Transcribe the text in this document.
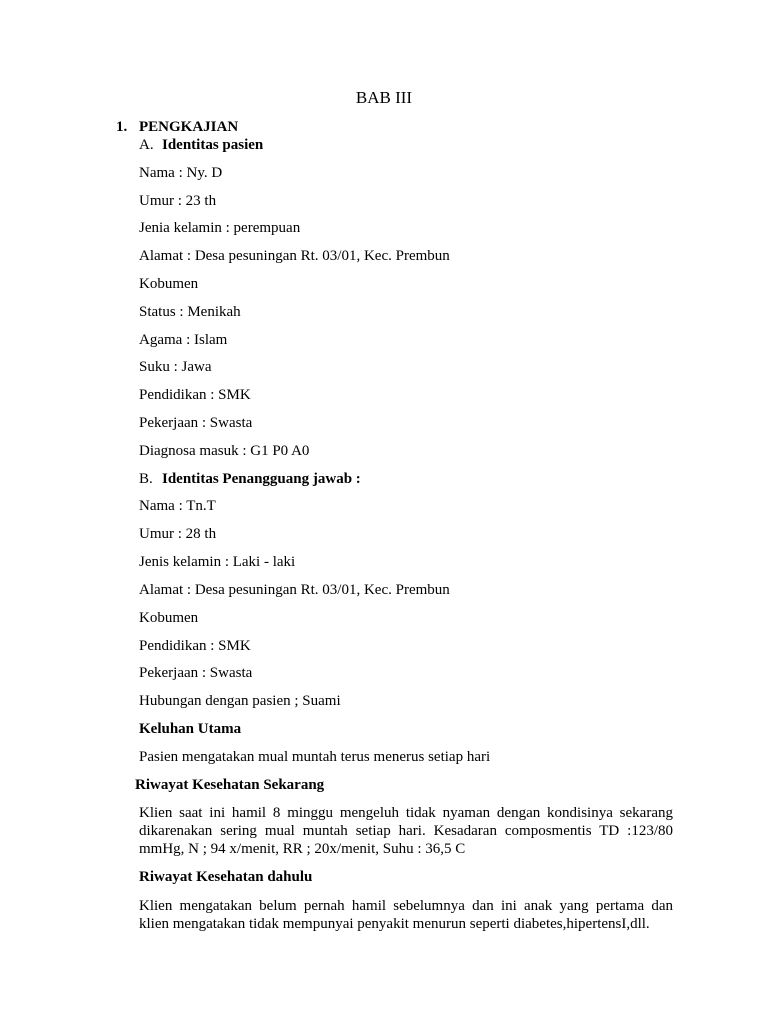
BAB III
1. PENGKAJIAN
A. Identitas pasien
Nama : Ny. D
Umur : 23 th
Jenia kelamin : perempuan
Alamat : Desa pesuningan Rt. 03/01, Kec. Prembun
Kobumen
Status : Menikah
Agama : Islam
Suku : Jawa
Pendidikan : SMK
Pekerjaan : Swasta
Diagnosa masuk : G1 P0 A0
B. Identitas Penangguang jawab :
Nama : Tn.T
Umur : 28 th
Jenis kelamin : Laki - laki
Alamat : Desa pesuningan Rt. 03/01, Kec. Prembun
Kobumen
Pendidikan : SMK
Pekerjaan : Swasta
Hubungan dengan pasien ; Suami
Keluhan Utama
Pasien mengatakan mual muntah terus menerus setiap hari
Riwayat Kesehatan Sekarang
Klien saat ini hamil 8 minggu mengeluh tidak nyaman dengan kondisinya sekarang
dikarenakan sering mual muntah setiap hari. Kesadaran composmentis TD :123/80
mmHg, N ; 94 x/menit, RR ; 20x/menit, Suhu : 36,5 C
Riwayat Kesehatan dahulu
Klien mengatakan belum pernah hamil sebelumnya dan ini anak yang pertama dan
klien mengatakan tidak mempunyai penyakit menurun seperti diabetes,hipertensI,dll.
